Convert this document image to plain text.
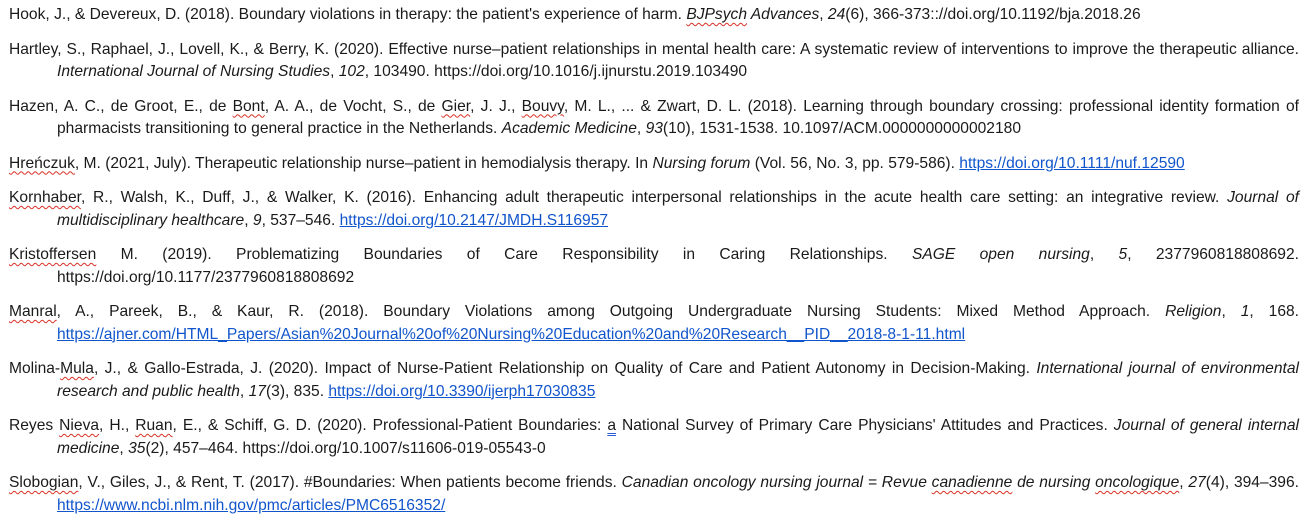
Hook, J., & Devereux, D. (2018). Boundary violations in therapy: the patient's experience of harm. BJPsych Advances, 24(6), 366-373:://doi.org/10.1192/bja.2018.26

Hartley, S., Raphael, J., Lovell, K., & Berry, K. (2020). Effective nurse–patient relationships in mental health care: A systematic review of interventions to improve the therapeutic alliance. International Journal of Nursing Studies, 102, 103490. https://doi.org/10.1016/j.ijnurstu.2019.103490

Hazen, A. C., de Groot, E., de Bont, A. A., de Vocht, S., de Gier, J. J., Bouvy, M. L., ... & Zwart, D. L. (2018). Learning through boundary crossing: professional identity formation of pharmacists transitioning to general practice in the Netherlands. Academic Medicine, 93(10), 1531-1538. 10.1097/ACM.0000000000002180

Hreńczuk, M. (2021, July). Therapeutic relationship nurse–patient in hemodialysis therapy. In Nursing forum (Vol. 56, No. 3, pp. 579-586). https://doi.org/10.1111/nuf.12590

Kornhaber, R., Walsh, K., Duff, J., & Walker, K. (2016). Enhancing adult therapeutic interpersonal relationships in the acute health care setting: an integrative review. Journal of multidisciplinary healthcare, 9, 537–546. https://doi.org/10.2147/JMDH.S116957

Kristoffersen M. (2019). Problematizing Boundaries of Care Responsibility in Caring Relationships. SAGE open nursing, 5, 2377960818808692. https://doi.org/10.1177/2377960818808692

Manral, A., Pareek, B., & Kaur, R. (2018). Boundary Violations among Outgoing Undergraduate Nursing Students: Mixed Method Approach. Religion, 1, 168. https://ajner.com/HTML_Papers/Asian%20Journal%20of%20Nursing%20Education%20and%20Research__PID__2018-8-1-11.html

Molina-Mula, J., & Gallo-Estrada, J. (2020). Impact of Nurse-Patient Relationship on Quality of Care and Patient Autonomy in Decision-Making. International journal of environmental research and public health, 17(3), 835. https://doi.org/10.3390/ijerph17030835

Reyes Nieva, H., Ruan, E., & Schiff, G. D. (2020). Professional-Patient Boundaries: a National Survey of Primary Care Physicians' Attitudes and Practices. Journal of general internal medicine, 35(2), 457–464. https://doi.org/10.1007/s11606-019-05543-0

Slobogian, V., Giles, J., & Rent, T. (2017). #Boundaries: When patients become friends. Canadian oncology nursing journal = Revue canadienne de nursing oncologique, 27(4), 394–396. https://www.ncbi.nlm.nih.gov/pmc/articles/PMC6516352/
